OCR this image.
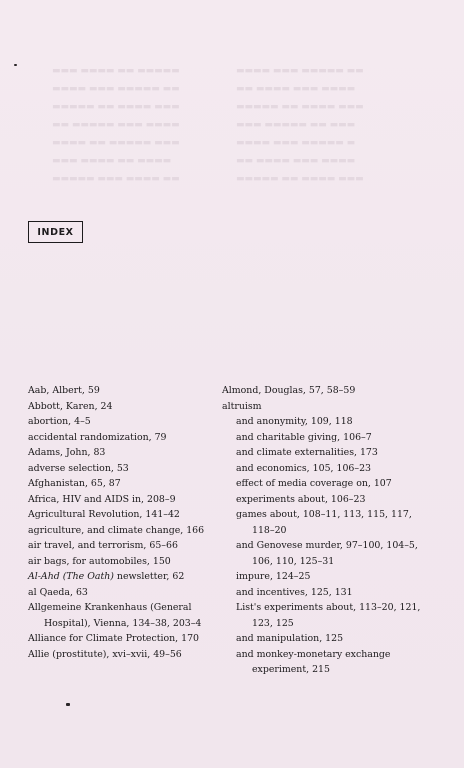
▬▬▬ ▬▬▬▬ ▬▬ ▬▬▬▬▬
▬▬▬▬ ▬▬▬ ▬▬▬▬▬ ▬▬
▬▬▬▬▬ ▬▬ ▬▬▬▬ ▬▬▬
▬▬ ▬▬▬▬▬ ▬▬▬ ▬▬▬▬
▬▬▬▬ ▬▬ ▬▬▬▬▬ ▬▬▬
▬▬▬ ▬▬▬▬ ▬▬ ▬▬▬▬
▬▬▬▬▬ ▬▬▬ ▬▬▬▬ ▬▬
▬▬▬▬ ▬▬▬ ▬▬▬▬▬ ▬▬
▬▬ ▬▬▬▬ ▬▬▬ ▬▬▬▬
▬▬▬▬▬ ▬▬ ▬▬▬▬ ▬▬▬
▬▬▬ ▬▬▬▬▬ ▬▬ ▬▬▬
▬▬▬▬ ▬▬▬ ▬▬▬▬▬ ▬
▬▬ ▬▬▬▬ ▬▬▬ ▬▬▬▬
▬▬▬▬▬ ▬▬ ▬▬▬▬ ▬▬▬
INDEX
Aab, Albert, 59
Abbott, Karen, 24
abortion, 4–5
accidental randomization, 79
Adams, John, 83
adverse selection, 53
Afghanistan, 65, 87
Africa, HIV and AIDS in, 208–9
Agricultural Revolution, 141–42
agriculture, and climate change, 166
air travel, and terrorism, 65–66
air bags, for automobiles, 150
Al-Ahd (The Oath) newsletter, 62
al Qaeda, 63
Allgemeine Krankenhaus (General Hospital), Vienna, 134–38, 203–4
Alliance for Climate Protection, 170
Allie (prostitute), xvi–xvii, 49–56
Almond, Douglas, 57, 58–59
altruism
and anonymity, 109, 118
and charitable giving, 106–7
and climate externalities, 173
and economics, 105, 106–23
effect of media coverage on, 107
experiments about, 106–23
games about, 108–11, 113, 115, 117, 118–20
and Genovese murder, 97–100, 104–5, 106, 110, 125–31
impure, 124–25
and incentives, 125, 131
List's experiments about, 113–20, 121, 123, 125
and manipulation, 125
and monkey-monetary exchange experiment, 215
